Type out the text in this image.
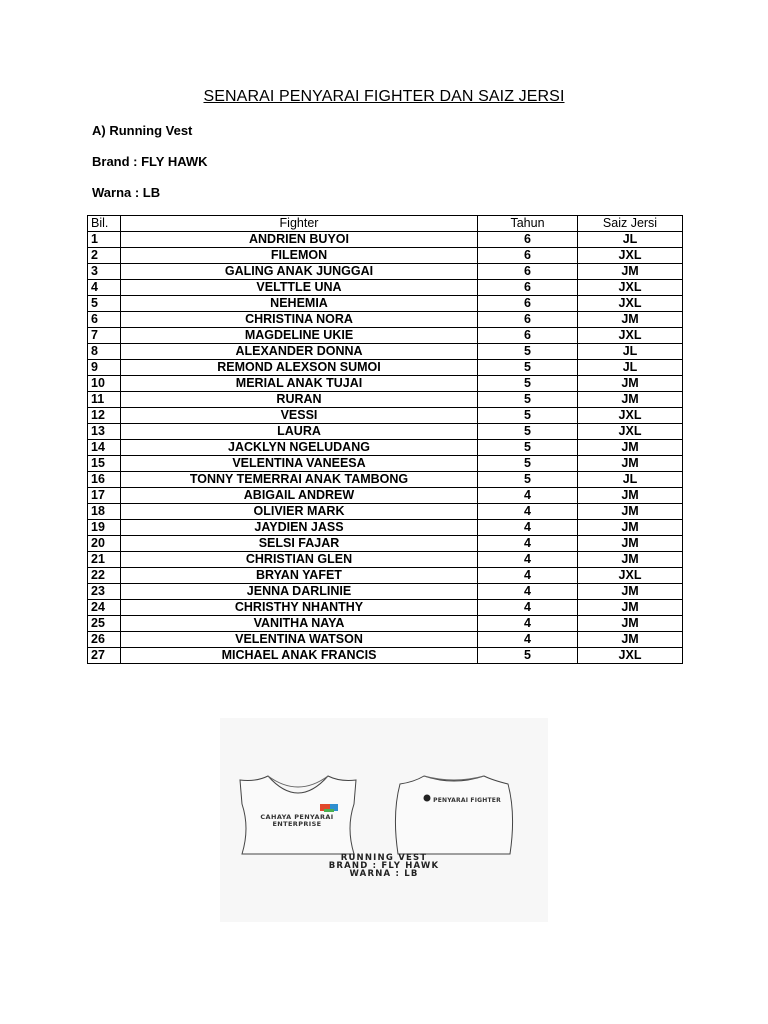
SENARAI PENYARAI FIGHTER DAN SAIZ JERSI
A) Running Vest
Brand : FLY HAWK
Warna : LB
Bil.	Fighter	Tahun	Saiz Jersi
1	ANDRIEN BUYOI	6	JL
2	FILEMON	6	JXL
3	GALING ANAK JUNGGAI	6	JM
4	VELTTLE UNA	6	JXL
5	NEHEMIA	6	JXL
6	CHRISTINA NORA	6	JM
7	MAGDELINE UKIE	6	JXL
8	ALEXANDER DONNA	5	JL
9	REMOND ALEXSON SUMOI	5	JL
10	MERIAL ANAK TUJAI	5	JM
11	RURAN	5	JM
12	VESSI	5	JXL
13	LAURA	5	JXL
14	JACKLYN NGELUDANG	5	JM
15	VELENTINA VANEESA	5	JM
16	TONNY TEMERRAI ANAK TAMBONG	5	JL
17	ABIGAIL ANDREW	4	JM
18	OLIVIER MARK	4	JM
19	JAYDIEN JASS	4	JM
20	SELSI FAJAR	4	JM
21	CHRISTIAN GLEN	4	JM
22	BRYAN YAFET	4	JXL
23	JENNA DARLINIE	4	JM
24	CHRISTHY NHANTHY	4	JM
25	VANITHA NAYA	4	JM
26	VELENTINA WATSON	4	JM
27	MICHAEL ANAK FRANCIS	5	JXL
CAHAYA PENYARAI
ENTERPRISE
PENYARAI FIGHTER
RUNNING VEST
BRAND : FLY HAWK
WARNA : LB
